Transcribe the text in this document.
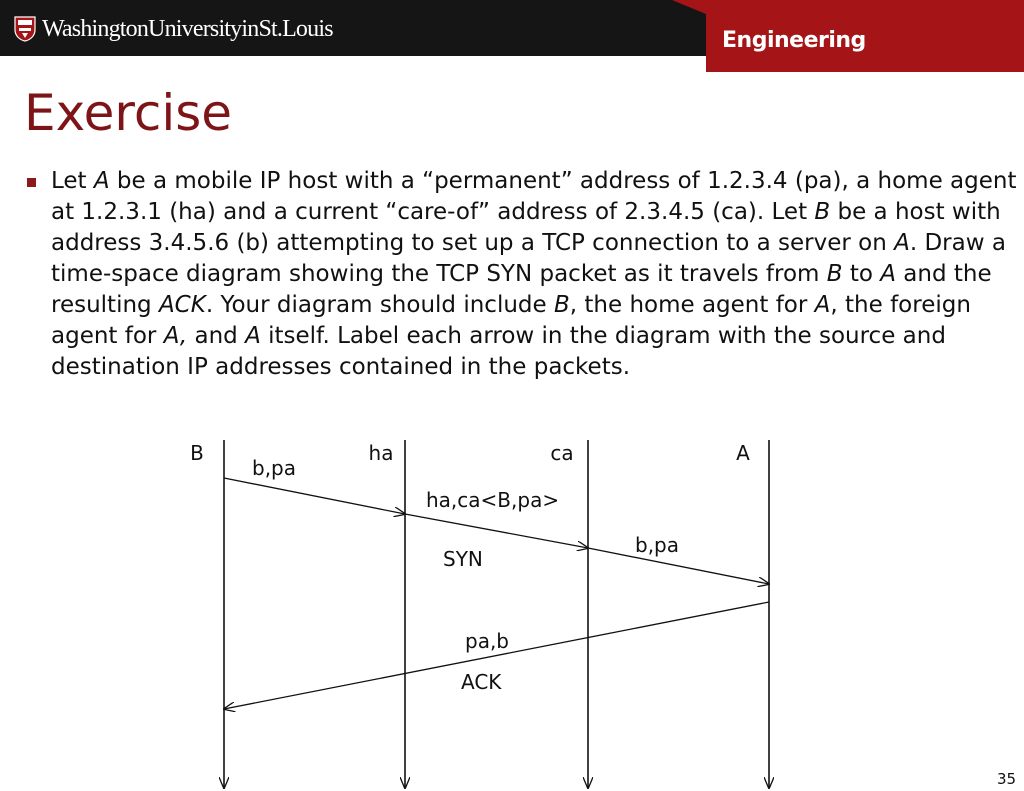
WashingtonUniversityinSt.Louis	Engineering
Exercise
Let A be a mobile IP host with a “permanent” address of 1.2.3.4 (pa), a home agent at 1.2.3.1 (ha) and a current “care-of” address of 2.3.4.5 (ca). Let B be a host with address 3.4.5.6 (b) attempting to set up a TCP connection to a server on A. Draw a time-space diagram showing the TCP SYN packet as it travels from B to A and the resulting ACK. Your diagram should include B, the home agent for A, the foreign agent for A, and A itself. Label each arrow in the diagram with the source and destination IP addresses contained in the packets.
B	ha	ca	A
b,pa
ha,ca<B,pa>
b,pa
SYN
pa,b
ACK
35
